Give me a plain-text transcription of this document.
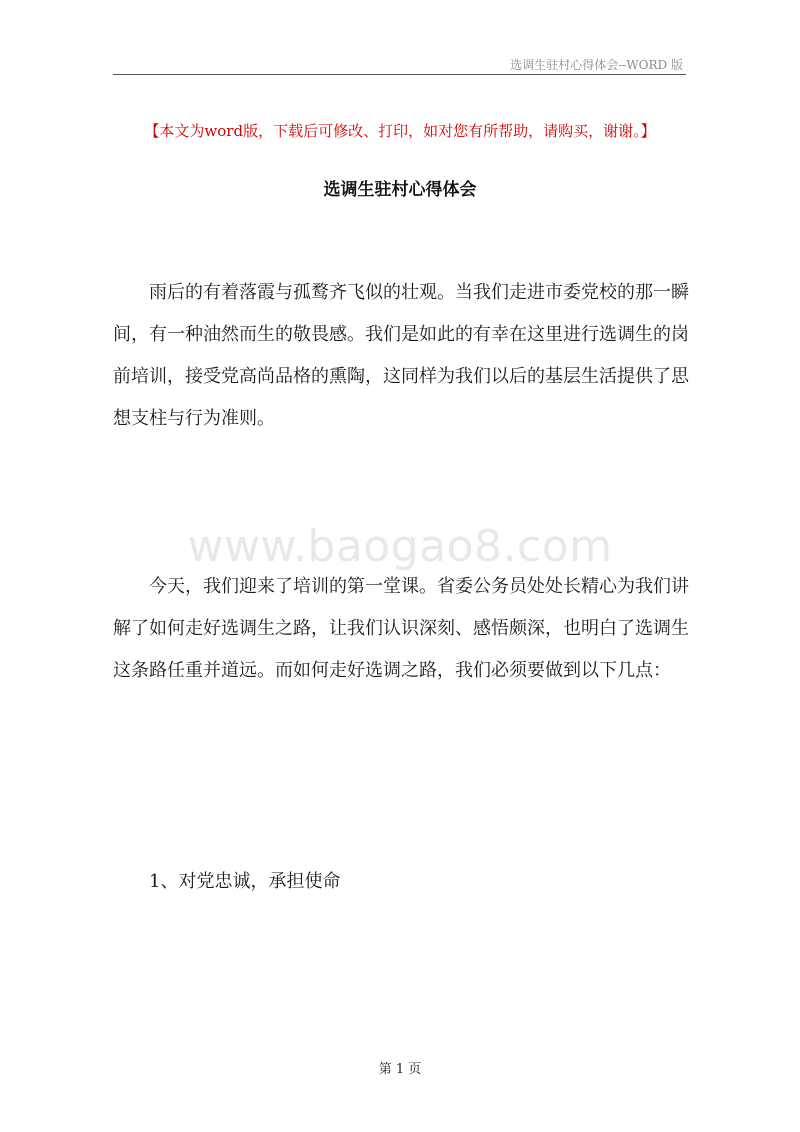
选调生驻村心得体会--WORD 版
【本文为word版，下载后可修改、打印，如对您有所帮助，请购买，谢谢。】
选调生驻村心得体会

雨后的有着落霞与孤鹜齐飞似的壮观。当我们走进市委党校的那一瞬间，有一种油然而生的敬畏感。我们是如此的有幸在这里进行选调生的岗前培训，接受党高尚品格的熏陶，这同样为我们以后的基层生活提供了思想支柱与行为准则。

www.baogao8.com

今天，我们迎来了培训的第一堂课。省委公务员处处长精心为我们讲解了如何走好选调生之路，让我们认识深刻、感悟颇深，也明白了选调生这条路任重并道远。而如何走好选调之路，我们必须要做到以下几点：

1、对党忠诚，承担使命
第 1 页
